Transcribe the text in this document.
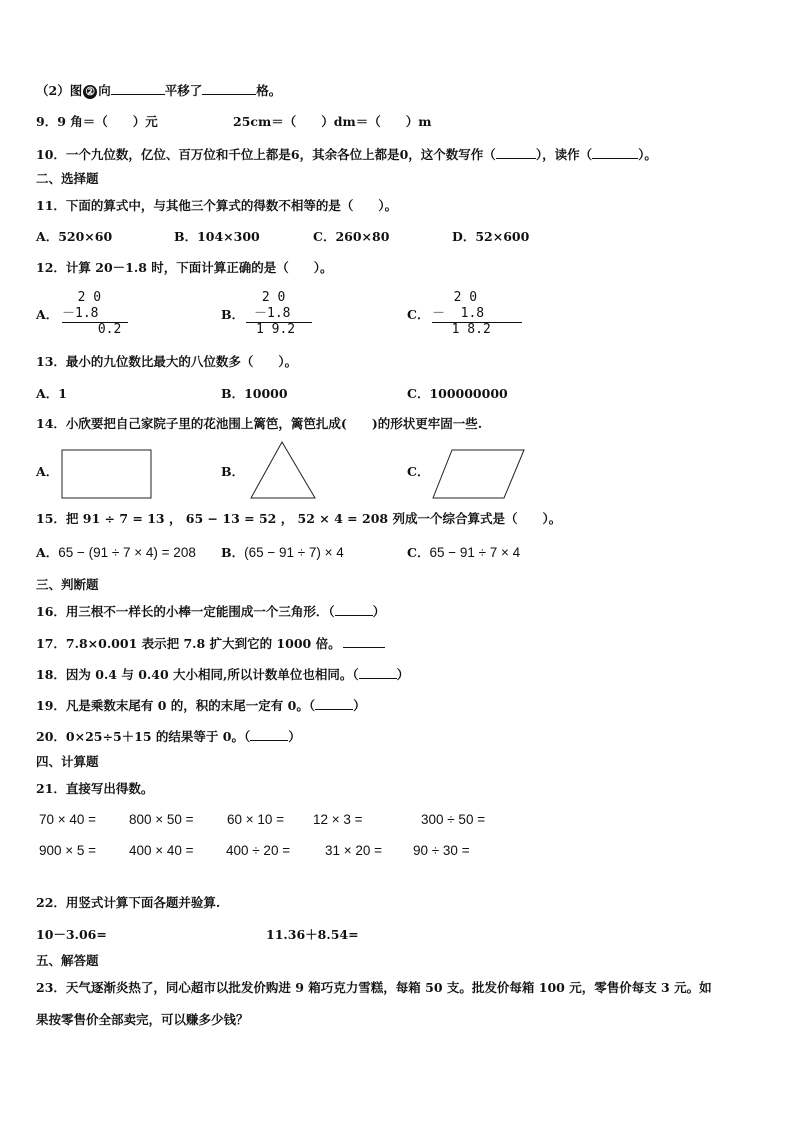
（2）图 ② 向	平移了	格。
9．9 角＝（　　）元	25cm＝（　　）dm＝（　　）m
10．一个九位数，亿位、百万位和千位上都是6，其余各位上都是0，这个数写作（	），读作（	）。
二、选择题
11．下面的算式中，与其他三个算式的得数不相等的是（　　）。
A．520×60	B．104×300	C．260×80	D．52×600
12．计算 20－1.8 时，下面计算正确的是（　　）。
A．
2 0
－1.8
0.2
B．
2 0
－1.8
1 9.2
C．
2 0
－  1.8
1 8.2
13．最小的九位数比最大的八位数多（　　）。
A．1	B．10000	C．100000000
14．小欣要把自己家院子里的花池围上篱笆，篱笆扎成(　　)的形状更牢固一些.
A．	B．	C．
15．把 91 ÷ 7 = 13 ， 65 − 13 = 52 ， 52 × 4 = 208 列成一个综合算式是（　　）。
A．65 − (91 ÷ 7 × 4) = 208 B．(65 − 91 ÷ 7) × 4	C．65 − 91 ÷ 7 × 4
三、判断题
16．用三根不一样长的小棒一定能围成一个三角形．（	）
17．7.8×0.001 表示把 7.8 扩大到它的 1000 倍。
18．因为 0.4 与 0.40 大小相同,所以计数单位也相同。（	）
19．凡是乘数末尾有 0 的，积的末尾一定有 0。（	）
20．0×25÷5＋15 的结果等于 0。（	）
四、计算题
21．直接写出得数。
70 × 40 = 800 × 50 = 60 × 10 = 12 × 3 =	300 ÷ 50 =
900 × 5 = 400 × 40 = 400 ÷ 20 =	31 × 20 = 90 ÷ 30 =
22．用竖式计算下面各题并验算.
10－3.06=	11.36＋8.54=
五、解答题
23．天气逐渐炎热了，同心超市以批发价购进 9 箱巧克力雪糕，每箱 50 支。批发价每箱 100 元，零售价每支 3 元。如
果按零售价全部卖完，可以赚多少钱？
